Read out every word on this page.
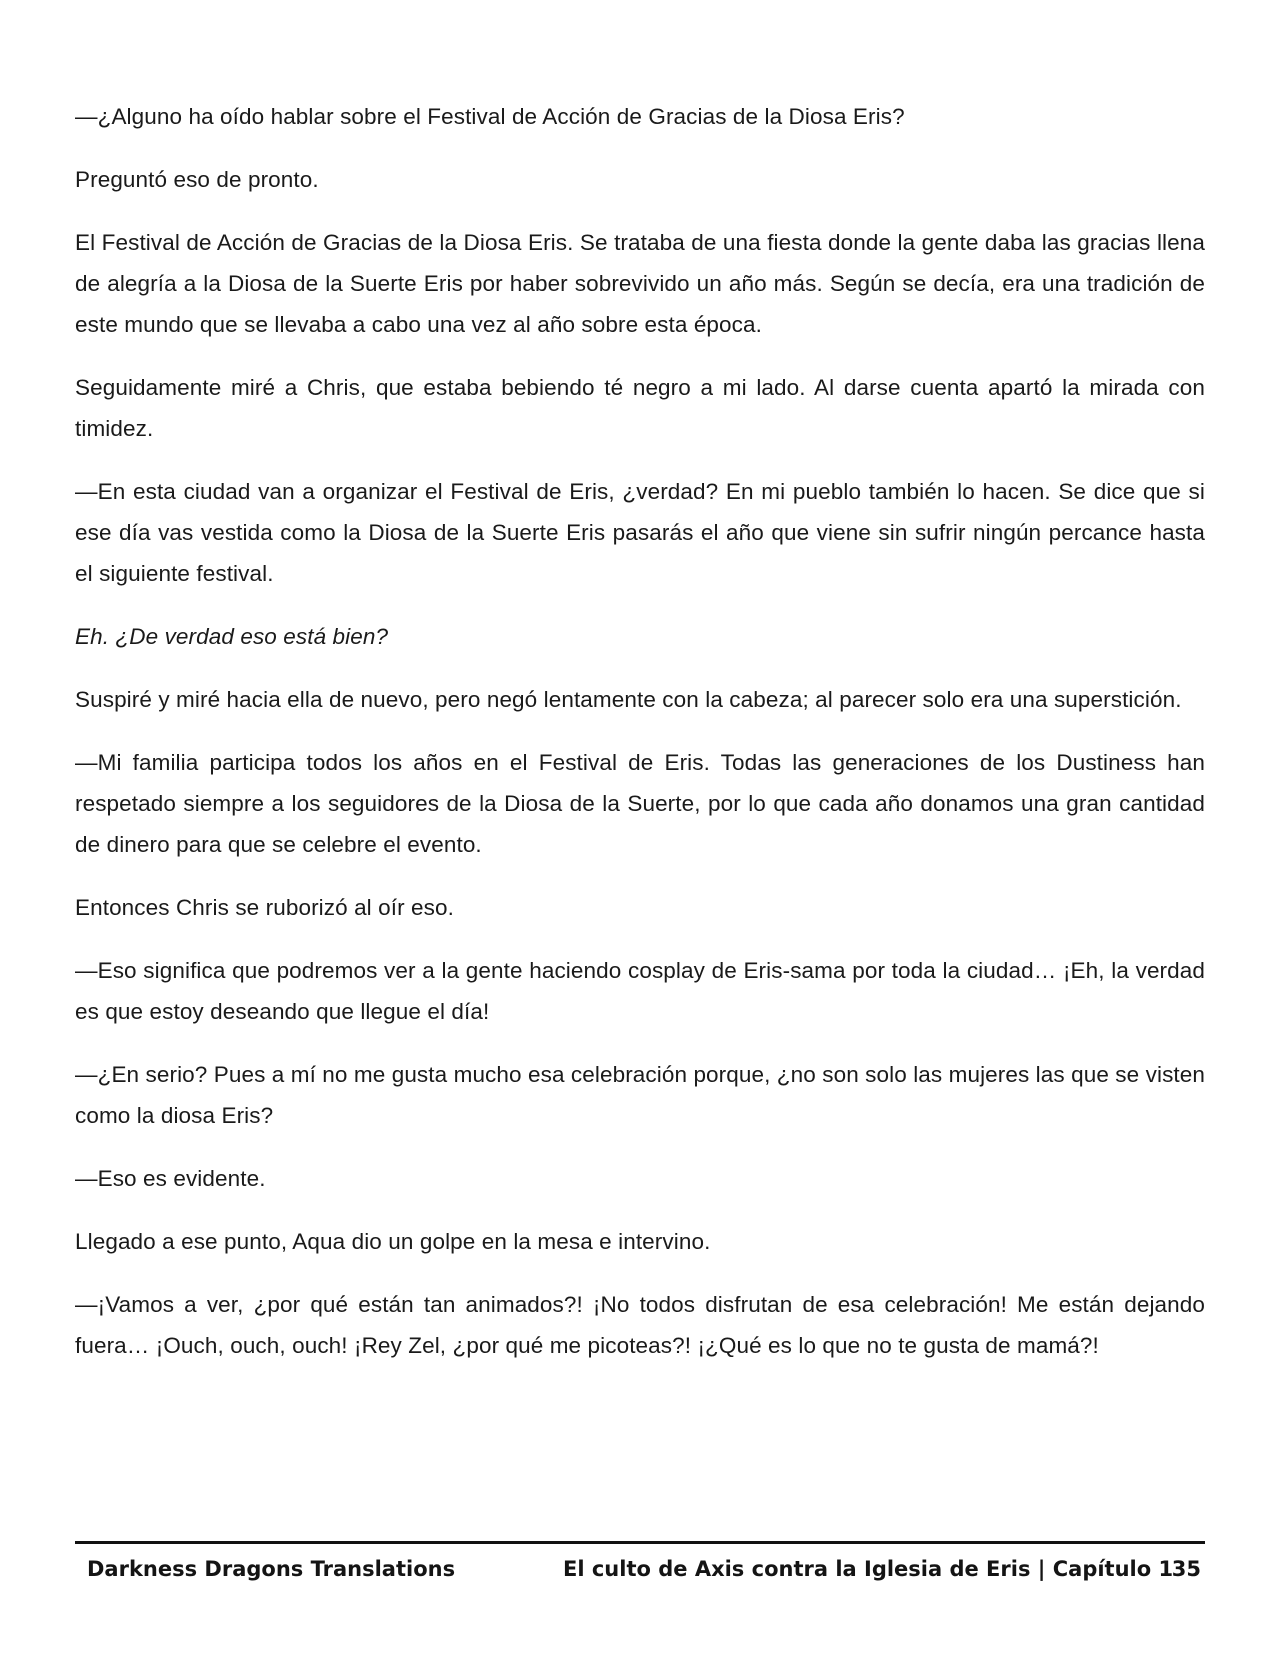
—¿Alguno ha oído hablar sobre el Festival de Acción de Gracias de la Diosa Eris?

Preguntó eso de pronto.

El Festival de Acción de Gracias de la Diosa Eris. Se trataba de una fiesta donde la gente daba las gracias llena de alegría a la Diosa de la Suerte Eris por haber sobrevivido un año más. Según se decía, era una tradición de este mundo que se llevaba a cabo una vez al año sobre esta época.

Seguidamente miré a Chris, que estaba bebiendo té negro a mi lado. Al darse cuenta apartó la mirada con timidez.

—En esta ciudad van a organizar el Festival de Eris, ¿verdad? En mi pueblo también lo hacen. Se dice que si ese día vas vestida como la Diosa de la Suerte Eris pasarás el año que viene sin sufrir ningún percance hasta el siguiente festival.

Eh. ¿De verdad eso está bien?

Suspiré y miré hacia ella de nuevo, pero negó lentamente con la cabeza; al parecer solo era una superstición.

—Mi familia participa todos los años en el Festival de Eris. Todas las generaciones de los Dustiness han respetado siempre a los seguidores de la Diosa de la Suerte, por lo que cada año donamos una gran cantidad de dinero para que se celebre el evento.

Entonces Chris se ruborizó al oír eso.

—Eso significa que podremos ver a la gente haciendo cosplay de Eris-sama por toda la ciudad… ¡Eh, la verdad es que estoy deseando que llegue el día!

—¿En serio? Pues a mí no me gusta mucho esa celebración porque, ¿no son solo las mujeres las que se visten como la diosa Eris?

—Eso es evidente.

Llegado a ese punto, Aqua dio un golpe en la mesa e intervino.

—¡Vamos a ver, ¿por qué están tan animados?! ¡No todos disfrutan de esa celebración! Me están dejando fuera… ¡Ouch, ouch, ouch! ¡Rey Zel, ¿por qué me picoteas?! ¡¿Qué es lo que no te gusta de mamá?!

Darkness Dragons Translations	El culto de Axis contra la Iglesia de Eris | Capítulo 1
35
